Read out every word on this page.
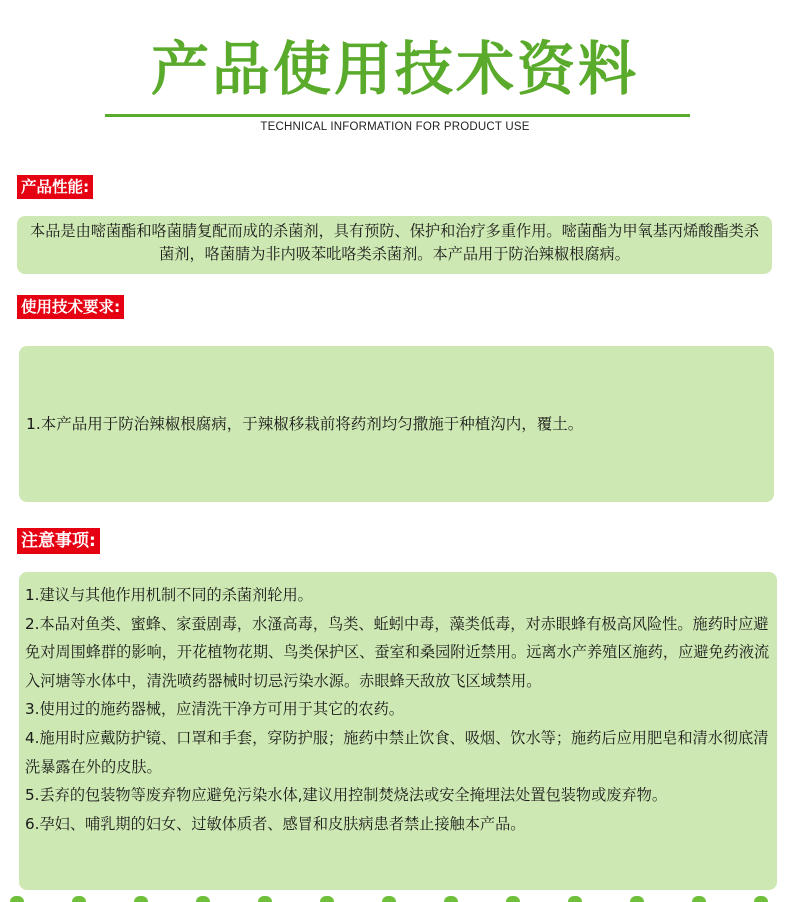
产品使用技术资料
TECHNICAL INFORMATION FOR PRODUCT USE
产品性能:

本品是由嘧菌酯和咯菌腈复配而成的杀菌剂，具有预防、保护和治疗多重作用。嘧菌酯为甲氧基丙烯酸酯类杀菌剂，咯菌腈为非内吸苯吡咯类杀菌剂。本产品用于防治辣椒根腐病。

使用技术要求:

1.本产品用于防治辣椒根腐病，于辣椒移栽前将药剂均匀撒施于种植沟内，覆土。

注意事项:

1.建议与其他作用机制不同的杀菌剂轮用。

2.本品对鱼类、蜜蜂、家蚕剧毒，水溞高毒，鸟类、蚯蚓中毒，藻类低毒，对赤眼蜂有极高风险性。施药时应避免对周围蜂群的影响，开花植物花期、鸟类保护区、蚕室和桑园附近禁用。远离水产养殖区施药，应避免药液流入河塘等水体中，清洗喷药器械时切忌污染水源。赤眼蜂天敌放飞区域禁用。

3.使用过的施药器械，应清洗干净方可用于其它的农药。

4.施用时应戴防护镜、口罩和手套，穿防护服；施药中禁止饮食、吸烟、饮水等；施药后应用肥皂和清水彻底清洗暴露在外的皮肤。

5.丢弃的包装物等废弃物应避免污染水体,建议用控制焚烧法或安全掩埋法处置包装物或废弃物。

6.孕妇、哺乳期的妇女、过敏体质者、感冒和皮肤病患者禁止接触本产品。
